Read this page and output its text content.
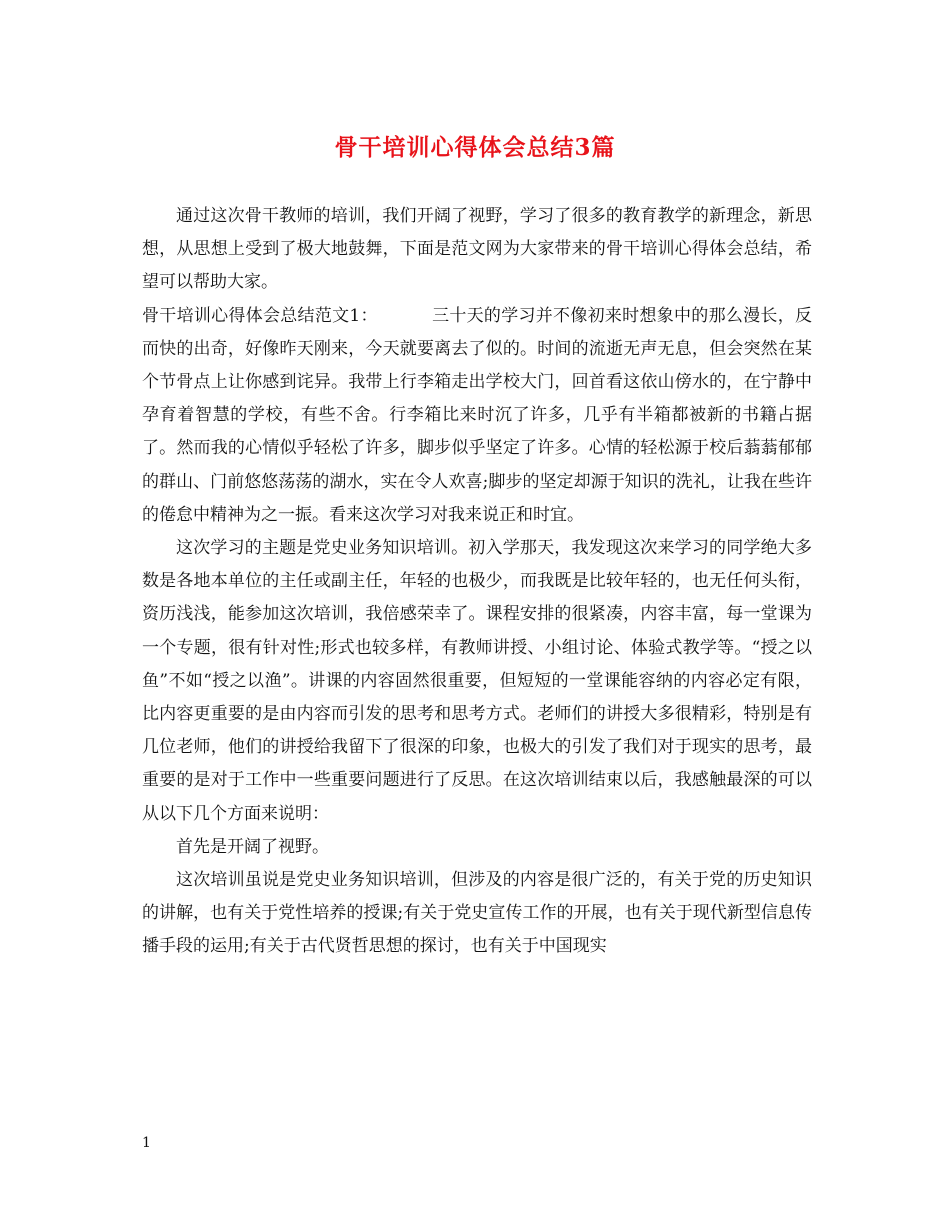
骨干培训心得体会总结3篇

通过这次骨干教师的培训，我们开阔了视野，学习了很多的教育教学的新理念，新思想，从思想上受到了极大地鼓舞，下面是范文网为大家带来的骨干培训心得体会总结，希望可以帮助大家。

骨干培训心得体会总结范文1：	三十天的学习并不像初来时想象中的那么漫长，反而快的出奇，好像昨天刚来，今天就要离去了似的。时间的流逝无声无息，但会突然在某个节骨点上让你感到诧异。我带上行李箱走出学校大门，回首看这依山傍水的，在宁静中孕育着智慧的学校，有些不舍。行李箱比来时沉了许多，几乎有半箱都被新的书籍占据了。然而我的心情似乎轻松了许多，脚步似乎坚定了许多。心情的轻松源于校后蓊蓊郁郁的群山、门前悠悠荡荡的湖水，实在令人欢喜;脚步的坚定却源于知识的洗礼，让我在些许的倦怠中精神为之一振。看来这次学习对我来说正和时宜。

这次学习的主题是党史业务知识培训。初入学那天，我发现这次来学习的同学绝大多数是各地本单位的主任或副主任，年轻的也极少，而我既是比较年轻的，也无任何头衔，资历浅浅，能参加这次培训，我倍感荣幸了。课程安排的很紧凑，内容丰富，每一堂课为一个专题，很有针对性;形式也较多样，有教师讲授、小组讨论、体验式教学等。“授之以鱼”不如“授之以渔”。讲课的内容固然很重要，但短短的一堂课能容纳的内容必定有限，比内容更重要的是由内容而引发的思考和思考方式。老师们的讲授大多很精彩，特别是有几位老师，他们的讲授给我留下了很深的印象，也极大的引发了我们对于现实的思考，最重要的是对于工作中一些重要问题进行了反思。在这次培训结束以后，我感触最深的可以从以下几个方面来说明：

首先是开阔了视野。

这次培训虽说是党史业务知识培训，但涉及的内容是很广泛的，有关于党的历史知识的讲解，也有关于党性培养的授课;有关于党史宣传工作的开展，也有关于现代新型信息传播手段的运用;有关于古代贤哲思想的探讨，也有关于中国现实

1
